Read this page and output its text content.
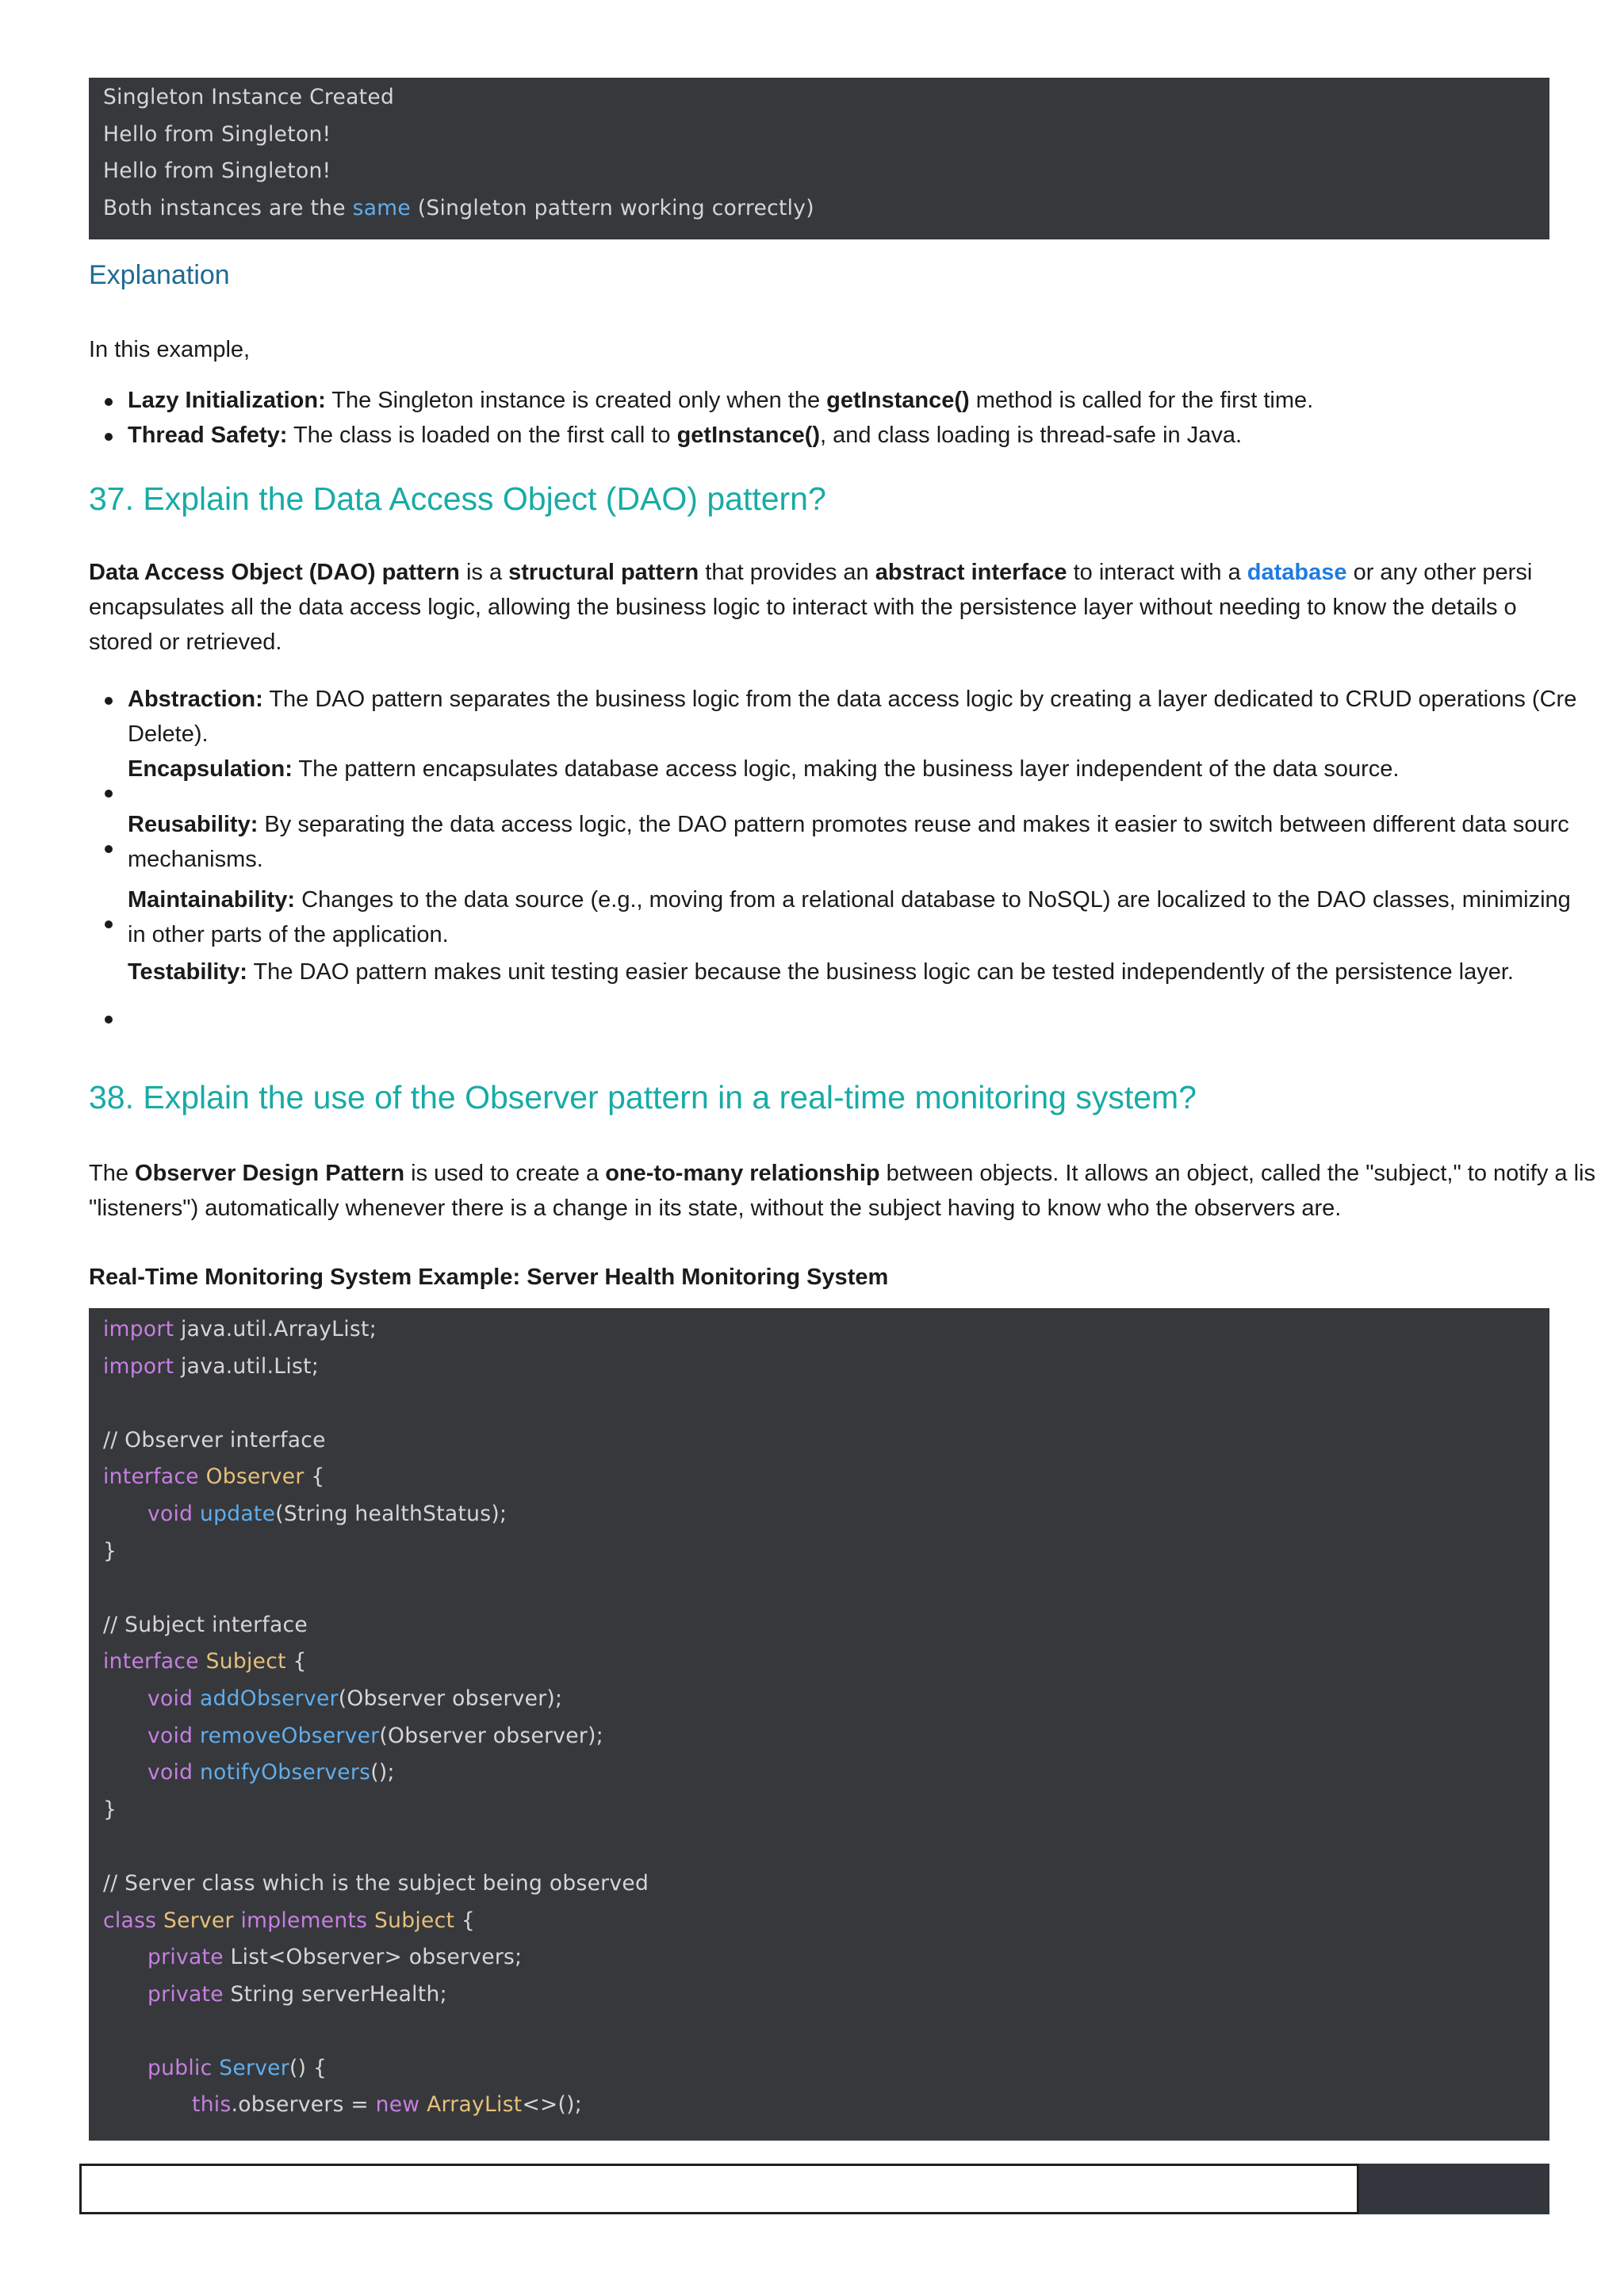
Singleton Instance Created
Hello from Singleton!
Hello from Singleton!
Both instances are the same (Singleton pattern working correctly)
Explanation
In this example,
Lazy Initialization: The Singleton instance is created only when the getInstance() method is called for the first time.
Thread Safety: The class is loaded on the first call to getInstance(), and class loading is thread-safe in Java.
37. Explain the Data Access Object (DAO) pattern?
Data Access Object (DAO) pattern is a structural pattern that provides an abstract interface to interact with a database or any other persi
encapsulates all the data access logic, allowing the business logic to interact with the persistence layer without needing to know the details o
stored or retrieved.
Abstraction: The DAO pattern separates the business logic from the data access logic by creating a layer dedicated to CRUD operations (Cre
Delete).
Encapsulation: The pattern encapsulates database access logic, making the business layer independent of the data source.
Reusability: By separating the data access logic, the DAO pattern promotes reuse and makes it easier to switch between different data sourc
mechanisms.
Maintainability: Changes to the data source (e.g., moving from a relational database to NoSQL) are localized to the DAO classes, minimizing
in other parts of the application.
Testability: The DAO pattern makes unit testing easier because the business logic can be tested independently of the persistence layer.
38. Explain the use of the Observer pattern in a real-time monitoring system?
The Observer Design Pattern is used to create a one-to-many relationship between objects. It allows an object, called the "subject," to notify a lis
"listeners") automatically whenever there is a change in its state, without the subject having to know who the observers are.
Real-Time Monitoring System Example: Server Health Monitoring System
import java.util.ArrayList;
import java.util.List;
// Observer interface
interface Observer {
void update(String healthStatus);
}
// Subject interface
interface Subject {
void addObserver(Observer observer);
void removeObserver(Observer observer);
void notifyObservers();
}
// Server class which is the subject being observed
class Server implements Subject {
private List<Observer> observers;
private String serverHealth;
public Server() {
this.observers = new ArrayList<>();
